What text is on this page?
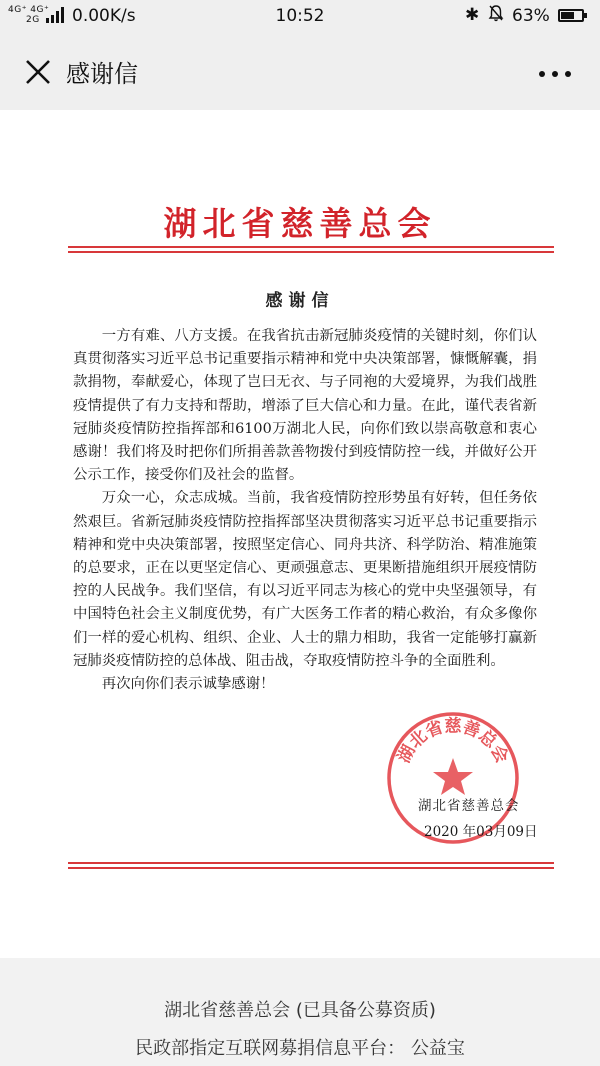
4G⁺ 4G⁺
2G	0.00K/s	10:52	✱ 63%
感谢信
湖北省慈善总会
感谢信

一方有难、八方支援。在我省抗击新冠肺炎疫情的关键时刻，你们认真贯彻落实习近平总书记重要指示精神和党中央决策部署，慷慨解囊，捐款捐物，奉献爱心，体现了岂曰无衣、与子同袍的大爱境界，为我们战胜疫情提供了有力支持和帮助，增添了巨大信心和力量。在此，谨代表省新冠肺炎疫情防控指挥部和6100万湖北人民，向你们致以崇高敬意和衷心感谢！我们将及时把你们所捐善款善物拨付到疫情防控一线，并做好公开公示工作，接受你们及社会的监督。

万众一心，众志成城。当前，我省疫情防控形势虽有好转，但任务依然艰巨。省新冠肺炎疫情防控指挥部坚决贯彻落实习近平总书记重要指示精神和党中央决策部署，按照坚定信心、同舟共济、科学防治、精准施策的总要求，正在以更坚定信心、更顽强意志、更果断措施组织开展疫情防控的人民战争。我们坚信，有以习近平同志为核心的党中央坚强领导，有中国特色社会主义制度优势，有广大医务工作者的精心救治，有众多像你们一样的爱心机构、组织、企业、人士的鼎力相助，我省一定能够打赢新冠肺炎疫情防控的总体战、阻击战，夺取疫情防控斗争的全面胜利。

再次向你们表示诚挚感谢！

湖北省慈善总会
湖北省慈善总会
2020 年03月09日
湖北省慈善总会 (已具备公募资质)
民政部指定互联网募捐信息平台： 公益宝
